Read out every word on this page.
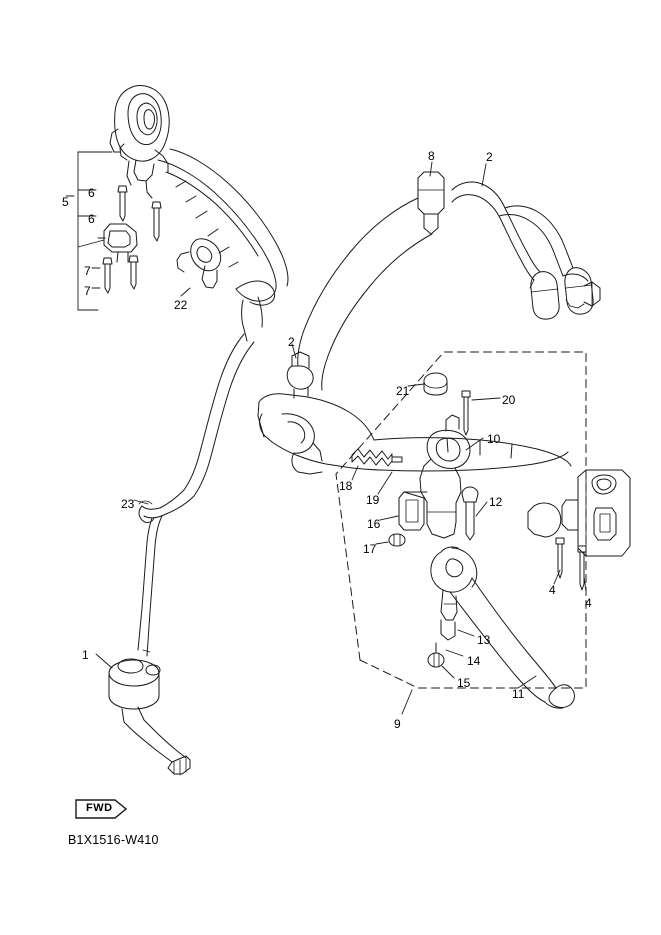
1
2
2
4
4
5
6
6
7
7
8
9
10
11
12
13
14
15
16
17
18
19
20
21
22
23
FWD
B1X1516-W410
